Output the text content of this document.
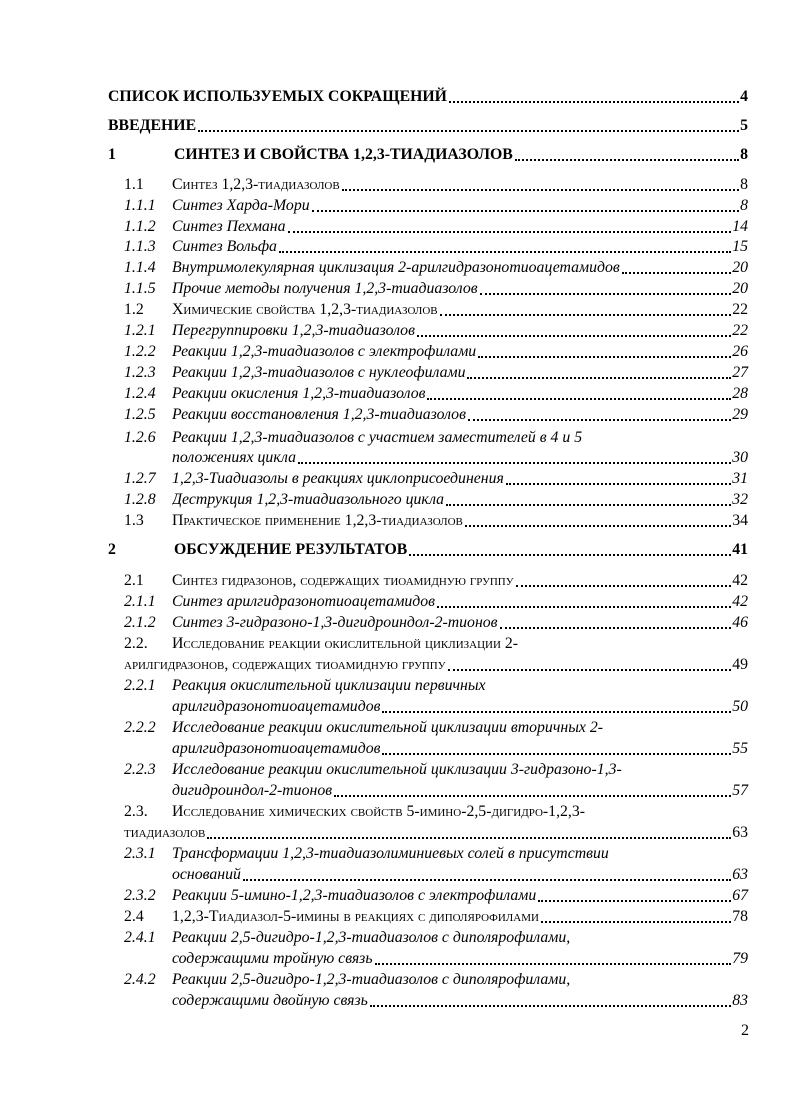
СПИСОК ИСПОЛЬЗУЕМЫХ СОКРАЩЕНИЙ	4
ВВЕДЕНИЕ	5
1	СИНТЕЗ И СВОЙСТВА 1,2,3-ТИАДИАЗОЛОВ	8
1.1	Синтез 1,2,3-тиадиазолов	8
1.1.1	Синтез Харда-Мори	8
1.1.2	Синтез Пехмана	14
1.1.3	Синтез Вольфа	15
1.1.4	Внутримолекулярная циклизация 2-арилгидразонотиоацетамидов	20
1.1.5	Прочие методы получения 1,2,3-тиадиазолов	20
1.2	Химические свойства 1,2,3-тиадиазолов	22
1.2.1	Перегруппировки 1,2,3-тиадиазолов	22
1.2.2	Реакции 1,2,3-тиадиазолов с электрофилами	26
1.2.3	Реакции 1,2,3-тиадиазолов с нуклеофилами	27
1.2.4	Реакции окисления 1,2,3-тиадиазолов	28
1.2.5	Реакции восстановления 1,2,3-тиадиазолов	29
1.2.6 Реакции 1,2,3-тиадиазолов с участием заместителей в 4 и 5
положениях цикла	30
1.2.7	1,2,3-Тиадиазолы в реакциях циклоприсоединения	31
1.2.8	Деструкция 1,2,3-тиадиазольного цикла	32
1.3	Практическое применение 1,2,3-тиадиазолов	34
2	ОБСУЖДЕНИЕ РЕЗУЛЬТАТОВ	41
2.1	Синтез гидразонов, содержащих тиоамидную группу	42
2.1.1	Синтез арилгидразонотиоацетамидов	42
2.1.2	Синтез 3-гидразоно-1,3-дигидроиндол-2-тионов	46
2.2. Исследование реакции окислительной циклизации 2-
арилгидразонов, содержащих тиоамидную группу	49
2.2.1 Реакция окислительной циклизации первичных
арилгидразонотиоацетамидов	50
2.2.2 Исследование реакции окислительной циклизации вторичных 2-
арилгидразонотиоацетамидов	55
2.2.3 Исследование реакции окислительной циклизации 3-гидразоно-1,3-
дигидроиндол-2-тионов	57
2.3. Исследование химических свойств 5-имино-2,5-дигидро-1,2,3-
тиадиазолов	63
2.3.1 Трансформации 1,2,3-тиадиазолиминиевых солей в присутствии
оснований	63
2.3.2	Реакции 5-имино-1,2,3-тиадиазолов с электрофилами	67
2.4	1,2,3-Тиадиазол-5-имины в реакциях с диполярофилами	78
2.4.1 Реакции 2,5-дигидро-1,2,3-тиадиазолов с диполярофилами,
содержащими тройную связь	79
2.4.2 Реакции 2,5-дигидро-1,2,3-тиадиазолов с диполярофилами,
содержащими двойную связь	83
2
